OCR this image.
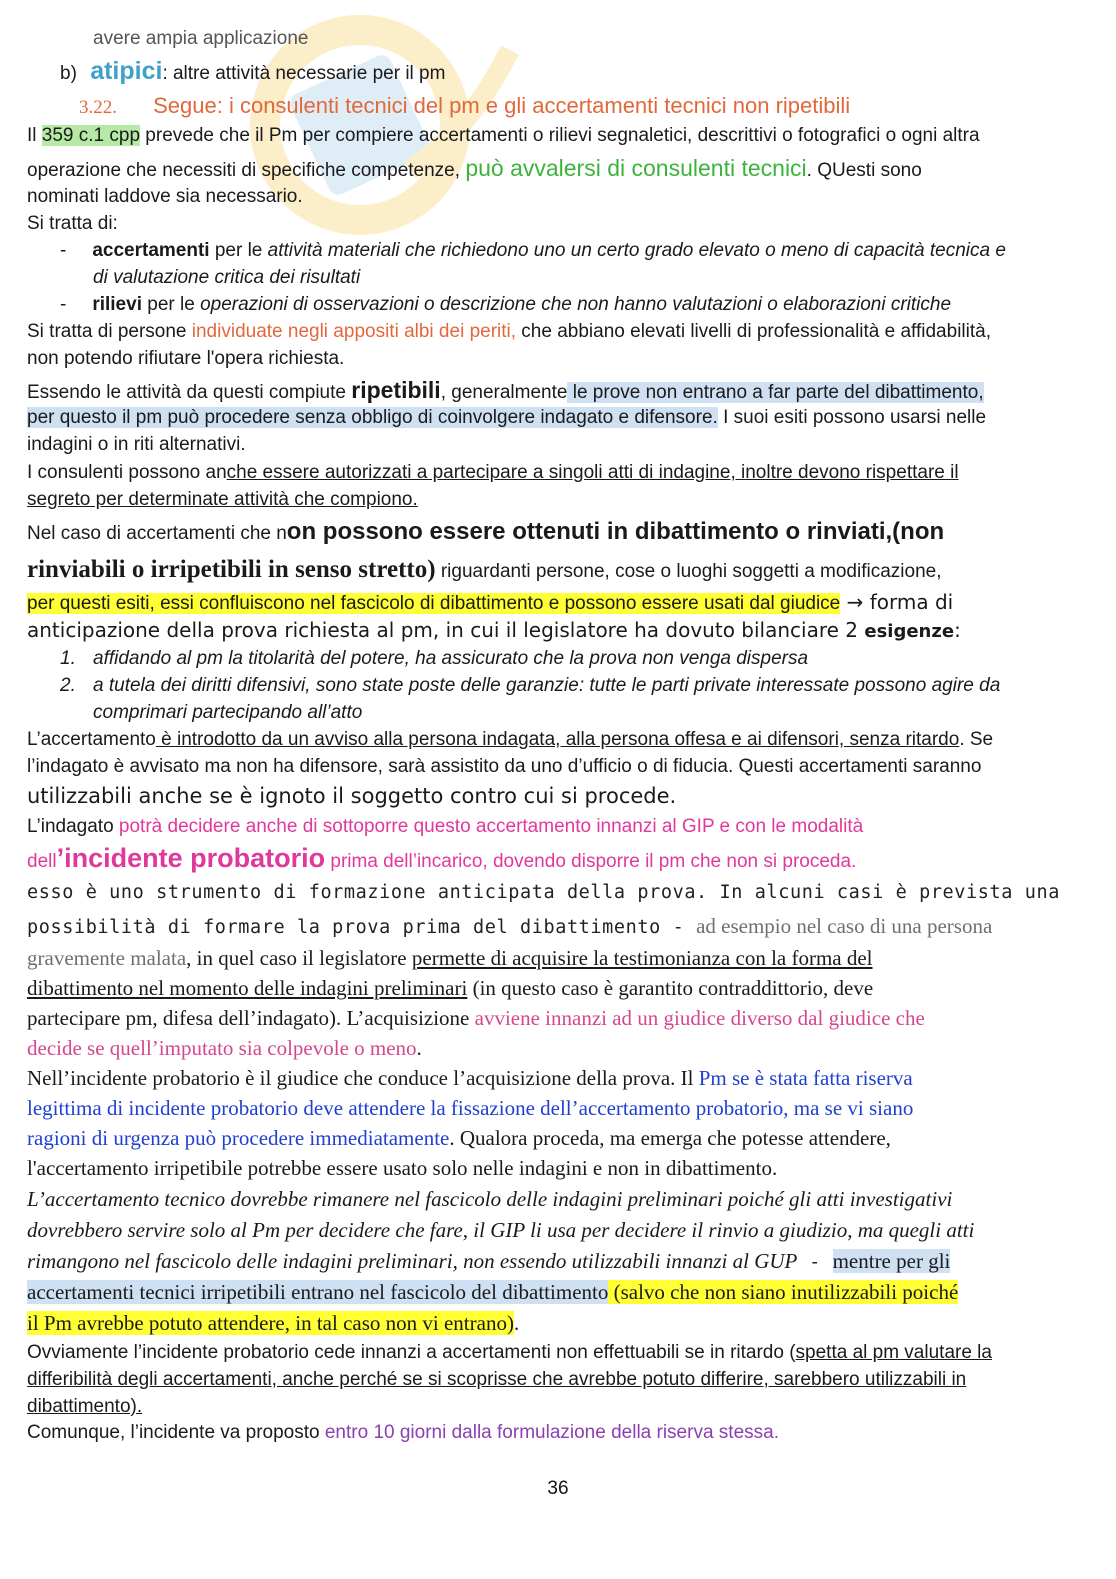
avere ampia applicazione
b) atipici: altre attività necessarie per il pm
3.22. Segue: i consulenti tecnici del pm e gli accertamenti tecnici non ripetibili
Il 359 c.1 cpp prevede che il Pm per compiere accertamenti o rilievi segnaletici, descrittivi o fotografici o ogni altra
operazione che necessiti di specifiche competenze, può avvalersi di consulenti tecnici. QUesti sono
nominati laddove sia necessario.
Si tratta di:
- accertamenti per le attività materiali che richiedono uno un certo grado elevato o meno di capacità tecnica e
di valutazione critica dei risultati
- rilievi per le operazioni di osservazioni o descrizione che non hanno valutazioni o elaborazioni critiche
Si tratta di persone individuate negli appositi albi dei periti, che abbiano elevati livelli di professionalità e affidabilità,
non potendo rifiutare l'opera richiesta.
Essendo le attività da questi compiute ripetibili, generalmente le prove non entrano a far parte del dibattimento,
per questo il pm può procedere senza obbligo di coinvolgere indagato e difensore. I suoi esiti possono usarsi nelle
indagini o in riti alternativi.
I consulenti possono anche essere autorizzati a partecipare a singoli atti di indagine, inoltre devono rispettare il
segreto per determinate attività che compiono.
Nel caso di accertamenti che non possono essere ottenuti in dibattimento o rinviati,(non
rinviabili o irripetibili in senso stretto) riguardanti persone, cose o luoghi soggetti a modificazione,
per questi esiti, essi confluiscono nel fascicolo di dibattimento e possono essere usati dal giudice → forma di
anticipazione della prova richiesta al pm, in cui il legislatore ha dovuto bilanciare 2 esigenze:
1. affidando al pm la titolarità del potere, ha assicurato che la prova non venga dispersa
2. a tutela dei diritti difensivi, sono state poste delle garanzie: tutte le parti private interessate possono agire da
comprimari partecipando all’atto
L’accertamento è introdotto da un avviso alla persona indagata, alla persona offesa e ai difensori, senza ritardo. Se
l’indagato è avvisato ma non ha difensore, sarà assistito da uno d’ufficio o di fiducia. Questi accertamenti saranno
utilizzabili anche se è ignoto il soggetto contro cui si procede.
L’indagato potrà decidere anche di sottoporre questo accertamento innanzi al GIP e con le modalità
dell’incidente probatorio prima dell’incarico, dovendo disporre il pm che non si proceda.
esso è uno strumento di formazione anticipata della prova. In alcuni casi è prevista una
possibilità di formare la prova prima del dibattimento - ad esempio nel caso di una persona
gravemente malata, in quel caso il legislatore permette di acquisire la testimonianza con la forma del
dibattimento nel momento delle indagini preliminari (in questo caso è garantito contraddittorio, deve
partecipare pm, difesa dell’indagato). L’acquisizione avviene innanzi ad un giudice diverso dal giudice che
decide se quell’imputato sia colpevole o meno.
Nell’incidente probatorio è il giudice che conduce l’acquisizione della prova. Il Pm se è stata fatta riserva
legittima di incidente probatorio deve attendere la fissazione dell’accertamento probatorio, ma se vi siano
ragioni di urgenza può procedere immediatamente. Qualora proceda, ma emerga che potesse attendere,
l'accertamento irripetibile potrebbe essere usato solo nelle indagini e non in dibattimento.
L’accertamento tecnico dovrebbe rimanere nel fascicolo delle indagini preliminari poiché gli atti investigativi
dovrebbero servire solo al Pm per decidere che fare, il GIP li usa per decidere il rinvio a giudizio, ma quegli atti
rimangono nel fascicolo delle indagini preliminari, non essendo utilizzabili innanzi al GUP - mentre per gli
accertamenti tecnici irripetibili entrano nel fascicolo del dibattimento (salvo che non siano inutilizzabili poiché
il Pm avrebbe potuto attendere, in tal caso non vi entrano).
Ovviamente l’incidente probatorio cede innanzi a accertamenti non effettuabili se in ritardo (spetta al pm valutare la
differibilità degli accertamenti, anche perché se si scoprisse che avrebbe potuto differire, sarebbero utilizzabili in
dibattimento).
Comunque, l’incidente va proposto entro 10 giorni dalla formulazione della riserva stessa.
36
